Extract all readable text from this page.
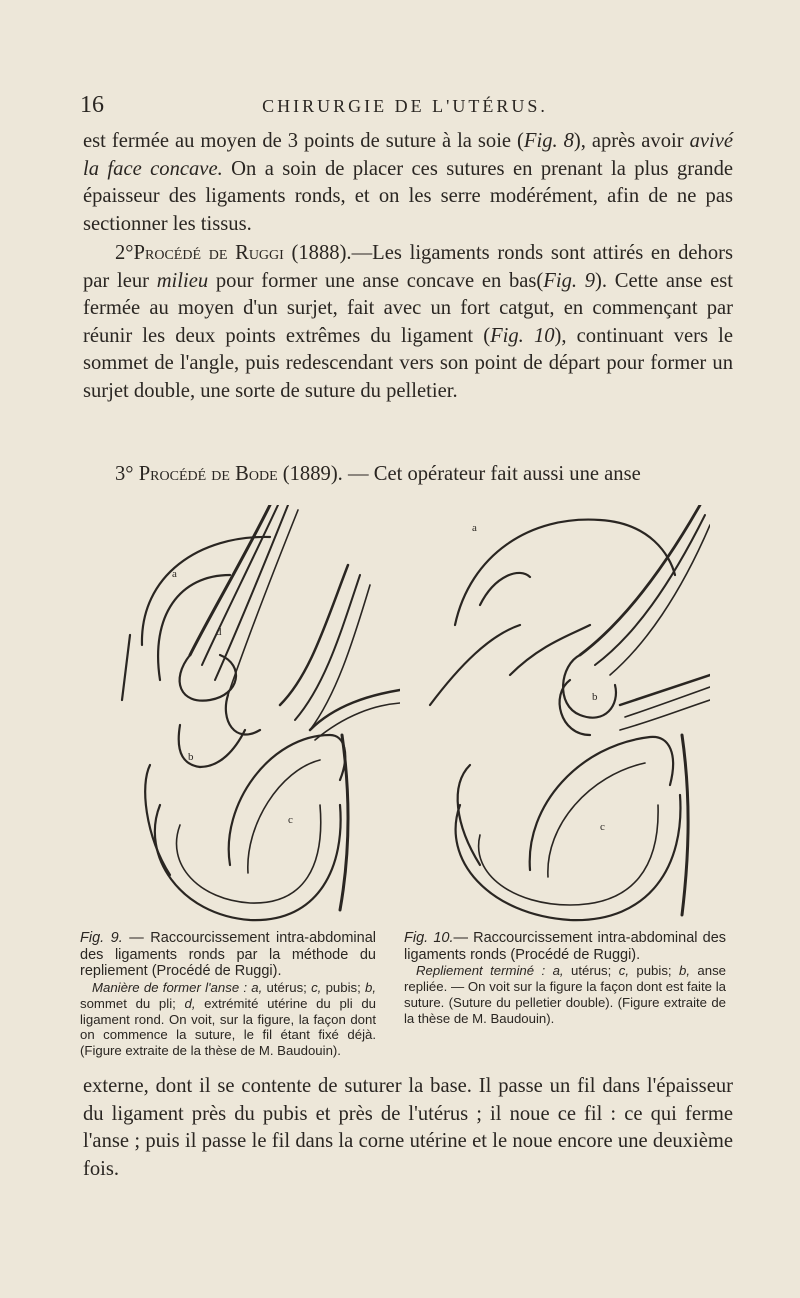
16	CHIRURGIE DE L'UTÉRUS.

est fermée au moyen de 3 points de suture à la soie (Fig. 8), après avoir avivé la face concave. On a soin de placer ces sutures en prenant la plus grande épaisseur des ligaments ronds, et on les serre modérément, afin de ne pas sectionner les tissus.

2°Procédé de Ruggi (1888).—Les ligaments ronds sont attirés en dehors par leur milieu pour former une anse concave en bas(Fig. 9). Cette anse est fermée au moyen d'un surjet, fait avec un fort catgut, en commençant par réunir les deux points extrêmes du ligament (Fig. 10), continuant vers le sommet de l'angle, puis redescendant vers son point de départ pour former un surjet double, une sorte de suture du pelletier.

3° Procédé de Bode (1889). — Cet opérateur fait aussi une anse

a
d
b
c
a
b
c

Fig. 9. — Raccourcissement intra-abdominal des ligaments ronds par la méthode du repliement (Procédé de Ruggi).
Manière de former l'anse : a, utérus; c, pubis; b, sommet du pli; d, extrémité utérine du pli du ligament rond. On voit, sur la figure, la façon dont on commence la suture, le fil étant fixé déjà. (Figure extraite de la thèse de M. Baudouin).

Fig. 10.— Raccourcissement intra-abdominal des ligaments ronds (Procédé de Ruggi).
Repliement terminé : a, utérus; c, pubis; b, anse repliée. — On voit sur la figure la façon dont est faite la suture. (Suture du pelletier double). (Figure extraite de la thèse de M. Baudouin).

externe, dont il se contente de suturer la base. Il passe un fil dans l'épaisseur du ligament près du pubis et près de l'utérus ; il noue ce fil : ce qui ferme l'anse ; puis il passe le fil dans la corne utérine et le noue encore une deuxième fois.
